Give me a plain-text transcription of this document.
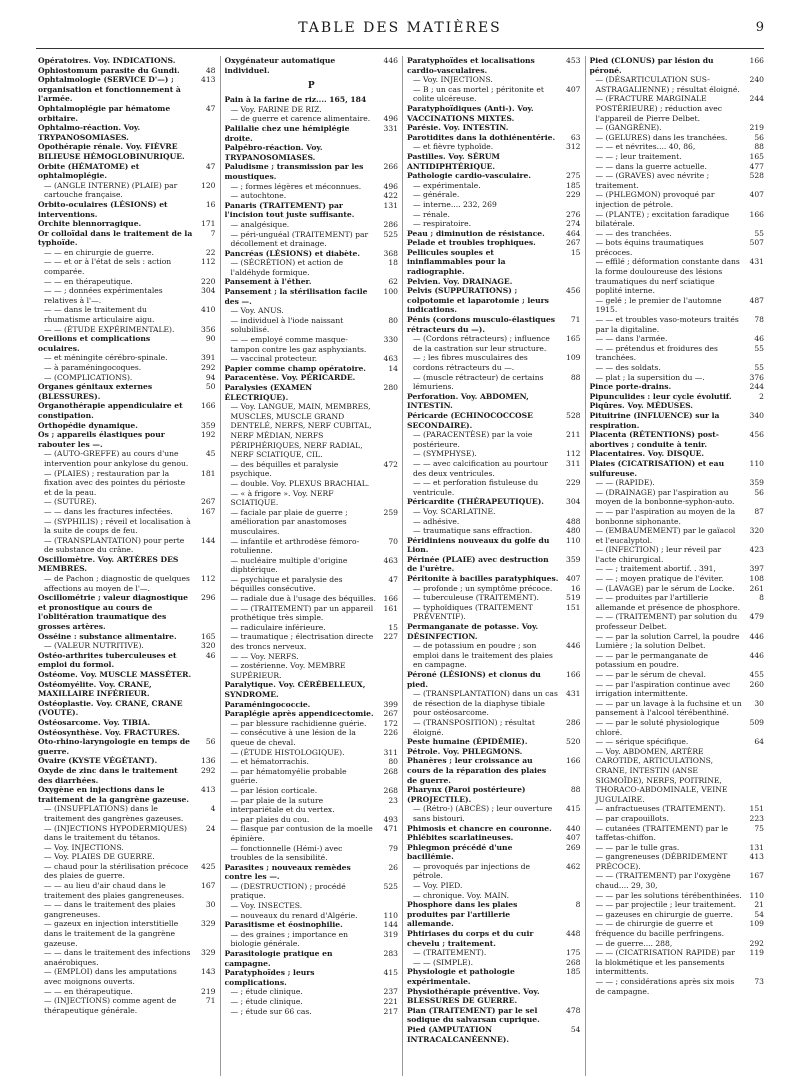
TABLE DES MATIÈRES	9
Opératoires. Voy. INDICATIONS.
Ophiostomum parasite du Gundi.	48
Ophtalmologie (SERVICE D'—) ; organisation et fonctionnement à l'armée.
413
Ophtalmoplégie par hématome orbitaire.
47
Ophtalmo-réaction. Voy. TRYPANOSOMIASES.
Opothérapie rénale. Voy. FIÈVRE BILIEUSE HÉMOGLOBINURIQUE.
Orbite (HÉMATOME) et ophtalmoplégie.
47
— (ANGLE INTERNE) (PLAIE) par cartouche française.
120
Orbito-oculaires (LÉSIONS) et interventions.
16
Orchite blennorragique.	171
Or colloïdal dans le traitement de la typhoïde.
7
— — en chirurgie de guerre.	22
— — et or à l'état de sels : action comparée.
112
— — en thérapeutique.	220
— — ; données expérimentales relatives à l'—.
304
— — dans le traitement du rhumatisme articulaire aigu.
410
— — (ÉTUDE EXPÉRIMENTALE).	356
Oreillons et complications oculaires.
90
— et méningite cérébro-spinale.	391
— à paraméningocoques.	292
— (COMPLICATIONS).	94
Organes génitaux externes (BLESSURES).
50
Organothérapie appendiculaire et constipation.
166
Orthopédie dynamique.	359
Os ; appareils élastiques pour rabouter les —.
192
— (AUTO-GREFFE) au cours d'une intervention pour ankylose du genou.
45
— (PLAIES) ; restauration par la fixation avec des pointes du périoste et de la peau.
181
— (SUTURE).	267
— — dans les fractures infectées.	167
— (SYPHILIS) ; réveil et localisation à la suite de coups de feu.
— (TRANSPLANTATION) pour perte de substance du crâne.
144
Oscillomètre. Voy. ARTÈRES DES MEMBRES.
— de Pachon ; diagnostic de quelques affections au moyen de l'—.
112
Oscillométrie ; valeur diagnostique et pronostique au cours de l'oblitération traumatique des grosses artères.
296
Osséine : substance alimentaire.	165
— (VALEUR NUTRITIVE).	320
Ostéo-arthrites tuberculeuses et emploi du formol.
46
Ostéome. Voy. MUSCLE MASSÉTER.
Ostéomyélite. Voy. CRANE, MAXILLAIRE INFÉRIEUR.
Ostéoplastie. Voy. CRANE, CRANE (VOUTE).
Ostéosarcome. Voy. TIBIA.
Ostéosynthèse. Voy. FRACTURES.
Oto-rhino-laryngologie en temps de guerre.
56
Ovaire (KYSTE VÉGÉTANT).	136
Oxyde de zinc dans le traitement des diarrhées.
292
Oxygène en injections dans le traitement de la gangrène gazeuse.
413
— (INSUFFLATIONS) dans le traitement des gangrènes gazeuses.
4
— (INJECTIONS HYPODERMIQUES) dans le traitement du tétanos.
24
— Voy. INJECTIONS.
— Voy. PLAIES DE GUERRE.
— chaud pour la stérilisation précoce des plaies de guerre.
425
— — au lieu d'air chaud dans le traitement des plaies gangreneuses.
167
— — dans le traitement des plaies gangreneuses.
30
— gazeux en injection interstitielle dans le traitement de la gangrène gazeuse.
329
— — dans le traitement des infections anaérobiques.
329
— (EMPLOI) dans les amputations avec moignons ouverts.
143
— — en thérapeutique.	219
— (INJECTIONS) comme agent de thérapeutique générale.
71
Oxygénateur automatique individuel.
446
P
Pain à la farine de riz.... 165, 184
— Voy. FARINE DE RIZ.
— de guerre et carence alimentaire. 496
Palilalie chez une hémiplégie droite.
331
Palpébro-réaction. Voy. TRYPANOSOMIASES.
Paludisme ; transmission par les moustiques.
266
— ; formes légères et méconnues.	496
— autochtone.	422
Panaris (TRAITEMENT) par l'incision tout juste suffisante.
131
— analgésique.	286
— péri-unguéal (TRAITEMENT) par décollement et drainage.
525
Pancréas (LÉSIONS) et diabète.	368
— (SÉCRÉTION) et action de l'aldéhyde formique.
18
Pansement à l'éther.	62
Pansement ; la stérilisation facile des —.
100
— Voy. ANUS.
— individuel à l'iode naissant solubilisé.
80
— — employé comme masque-tampon contre les gaz asphyxiants.
330
— vaccinal protecteur.	463
Papier comme champ opératoire.	14
Paracentèse. Voy. PÉRICARDE.
Paralysies (EXAMEN ÉLECTRIQUE).
280
— Voy. LANGUE, MAIN, MEMBRES, MUSCLES, MUSCLE GRAND DENTELÉ, NERFS, NERF CUBITAL, NERF MÉDIAN, NERFS PÉRIPHÉRIQUES, NERF RADIAL, NERF SCIATIQUE, CIL.
— des béquilles et paralysie psychique.
472
— double. Voy. PLEXUS BRACHIAL.
— « à frigore ». Voy. NERF SCIATIQUE.
— faciale par plaie de guerre ; amélioration par anastomoses musculaires.
259
— infantile et arthrodèse fémoro-rotulienne.
70
— nucléaire multiple d'origine diphtérique.
463
— psychique et paralysie des béquilles consécutive.
47
— radiale due à l'usage des béquilles. 166
— — (TRAITEMENT) par un appareil prothétique très simple.
161
— radiculaire inférieure.	15
— traumatique ; électrisation directe des troncs nerveux.
227
— — Voy. NERFS.
— zostérienne. Voy. MEMBRE SUPÉRIEUR.
Paralytique. Voy. CÉRÉBELLEUX, SYNDROME.
Paraméningococcie.	399
Paraplégie après appendicectomie. 267
— par blessure rachidienne guérie. 172
— consécutive à une lésion de la queue de cheval.
226
— (ÉTUDE HISTOLOGIQUE).	311
— et hématorrachis.	80
— par hématomyélie probable guérie.
268
— par lésion corticale.	268
— par plaie de la suture interpariétale et du vertex.
23
— par plaies du cou.	493
— flasque par contusion de la moelle épinière.
471
— fonctionnelle (Hémi-) avec troubles de la sensibilité.
79
Parasites ; nouveaux remèdes contre les —.
26
— (DESTRUCTION) ; procédé pratique.
525
— Voy. INSECTES.
— nouveaux du renard d'Algérie.	110
Parasitisme et éosinophilie.	144
— des graines ; importance en biologie générale.
319
Parasitologie pratique en campagne.
283
Paratyphoïdes ; leurs complications.
415
— ; étude clinique.	237
— ; étude clinique.	221
— ; étude sur 66 cas.	217
Paratyphoïdes et localisations cardio-vasculaires.
453
— Voy. INJECTIONS.
— B ; un cas mortel ; péritonite et colite ulcéreuse.
407
Paratyphoïdiques (Anti-). Voy. VACCINATIONS MIXTES.
Parésie. Voy. INTESTIN.
Parotidites dans la dothiénentérie. 63
— et fièvre typhoïde.	312
Pastilles. Voy. SÉRUM ANTIDIPHTÉRIQUE.
Pathologie cardio-vasculaire.	275
— expérimentale.	185
— générale.	229
— interne.... 232, 269
— rénale.	276
— respiratoire.	274
Peau ; diminution de résistance.	464
Pelade et troubles trophiques.	267
Pellicules souples et ininflammables pour la radiographie.
15
Pelvien. Voy. DRAINAGE.
Pelvis (SUPPURATIONS) ; colpotomie et laparotomie ; leurs indications.
456
Pénis (cordons musculo-élastiques rétracteurs du —).
71
— (Cordons rétracteurs) ; influence de la castration sur leur structure.
165
— ; les fibres musculaires des cordons rétracteurs du —.
109
— (muscle rétracteur) de certains lémuriens.
88
Perforation. Voy. ABDOMEN, INTESTIN.
Péricarde (ECHINOCOCCOSE SECONDAIRE).
528
— (PARACENTÈSE) par la voie postérieure.
211
— (SYMPHYSE).	112
— — avec calcification au pourtour des deux ventricules.
311
— — et perforation fistuleuse du ventricule.
229
Péricardite (THÉRAPEUTIQUE).	304
— Voy. SCARLATINE.
— adhésive.	488
— traumatique sans effraction.	480
Péridiniens nouveaux du golfe du Lion.
110
Périnée (PLAIE) avec destruction de l'urètre.
359
Péritonite à bacilles paratyphiques. 407
— profonde ; un symptôme précoce. 16
— tuberculeuse (TRAITEMENT).	519
— typhoïdiques (TRAITEMENT PRÉVENTIF).
151
Permanganate de potasse. Voy. DÉSINFECTION.
— de potassium en poudre ; son emploi dans le traitement des plaies en campagne.
446
Péroné (LÉSIONS) et clonus du pied.
166
— (TRANSPLANTATION) dans un cas de résection de la diaphyse tibiale pour ostéosarcome.
431
— (TRANSPOSITION) ; résultat éloigné.
286
Peste humaine (ÉPIDÉMIE).	520
Pétrole. Voy. PHLEGMONS.
Phanères ; leur croissance au cours de la réparation des plaies de guerre.
166
Pharynx (Paroi postérieure) (PROJECTILE).
88
— (Rétro-) (ABCÈS) ; leur ouverture sans bistouri.
415
Phimosis et chancre en couronne. 440
Phlébites scarlatineuses.	407
Phlegmon précédé d'une bacillémie.
269
— provoqués par injections de pétrole.
462
— Voy. PIED.
— chronique. Voy. MAIN.
Phosphore dans les plaies produites par l'artillerie allemande.
8
Phtiriases du corps et du cuir chevelu ; traitement.
448
— (TRAITEMENT).	175
— — (SIMPLE).	268
Physiologie et pathologie expérimentale.
185
Physiothérapie préventive. Voy. BLESSURES DE GUERRE.
Pian (TRAITEMENT) par le sel sodique du salvarsan cuprique.
478
Pied (AMPUTATION INTRACALCANÉENNE).
54
Pied (CLONUS) par lésion du péroné.
166
— (DÉSARTICULATION SUS-ASTRAGALIENNE) ; résultat éloigné.
240
— (FRACTURE MARGINALE POSTÉRIEURE) ; réduction avec l'appareil de Pierre Delbet.
244
— (GANGRÈNE).	219
— (GELURES) dans les tranchées.	56
— — et névrites.... 40, 86,	88
— — ; leur traitement.	165
— — dans la guerre actuelle.	477
— — (GRAVES) avec névrite ; traitement.
528
— (PHLEGMON) provoqué par injection de pétrole.
407
— (PLANTE) ; excitation faradique bilatérale.
166
— — des tranchées.	55
— bots équins traumatiques précoces.
507
— effilé ; déformation constante dans la forme douloureuse des lésions traumatiques du nerf sciatique poplité interne.
431
— gelé ; le premier de l'automne 1915.
487
— — et troubles vaso-moteurs traités par la digitaline.
78
— — dans l'armée.	46
— — prétendus et froidures des tranchées.
55
— — des soldats.	55
— plat ; la supersition du —.	376
Pince porte-drains.	244
Pipunculides : leur cycle évolutif.	2
Piqûres. Voy. MÉDUSES.
Pituitrine (INFLUENCE) sur la respiration.
340
Placenta (RÉTENTIONS) post-abortives ; conduite à tenir.
456
Placentaires. Voy. DISQUE.
Plaies (CICATRISATION) et eau sulfureuse.
110
— — (RAPIDE).	359
— (DRAINAGE) par l'aspiration au moyen de la bonbonne-syphon-auto.
56
— — par l'aspiration au moyen de la bonbonne siphonante.
87
— (EMBAUMEMENT) par le gaïacol et l'eucalyptol.
320
— (INFECTION) ; leur réveil par l'acte chirurgical.
423
— — ; traitement abortif. . 391,	397
— — ; moyen pratique de l'éviter.	108
— (LAVAGE) par le sérum de Locke. 261
— — produites par l'artillerie allemande et présence de phosphore.
8
— — (TRAITEMENT) par solution du professeur Delbet.
479
— — par la solution Carrel, la poudre Lumière ; la solution Delbet.
446
— — par le permanganate de potassium en poudre.
446
— — par le sérum de cheval.	455
— — par l'aspiration continue avec irrigation intermittente.
260
— — par un lavage à la fuchsine et un pansement à l'alcool térébenthiné.
30
— — par le soluté physiologique chloré.
509
— — sérique spécifique.	64
— Voy. ABDOMEN, ARTÈRE CAROTIDE, ARTICULATIONS, CRANE, INTESTIN (ANSE SIGMOÏDE), NERFS, POITRINE, THORACO-ABDOMINALE, VEINE JUGULAIRE.
— anfractueuses (TRAITEMENT).	151
— par crapouillots.	223
— cutanées (TRAITEMENT) par le taffetas-chiffon.
75
— — par le tulle gras.	131
— gangreneuses (DÉBRIDEMENT PRÉCOCE).
413
— — (TRAITEMENT) par l'oxygène chaud.... 29, 30,
167
— — par les solutions térébenthinées. 110
— — par projectile ; leur traitement. 21
— gazeuses en chirurgie de guerre.	54
— — de chirurgie de guerre et fréquence du bacille perfringens.
109
— de guerre.... 288,	292
— — (CICATRISATION RAPIDE) par la blokmétique et les pansements intermittents.
119
— — ; considérations après six mois de campagne.
73
